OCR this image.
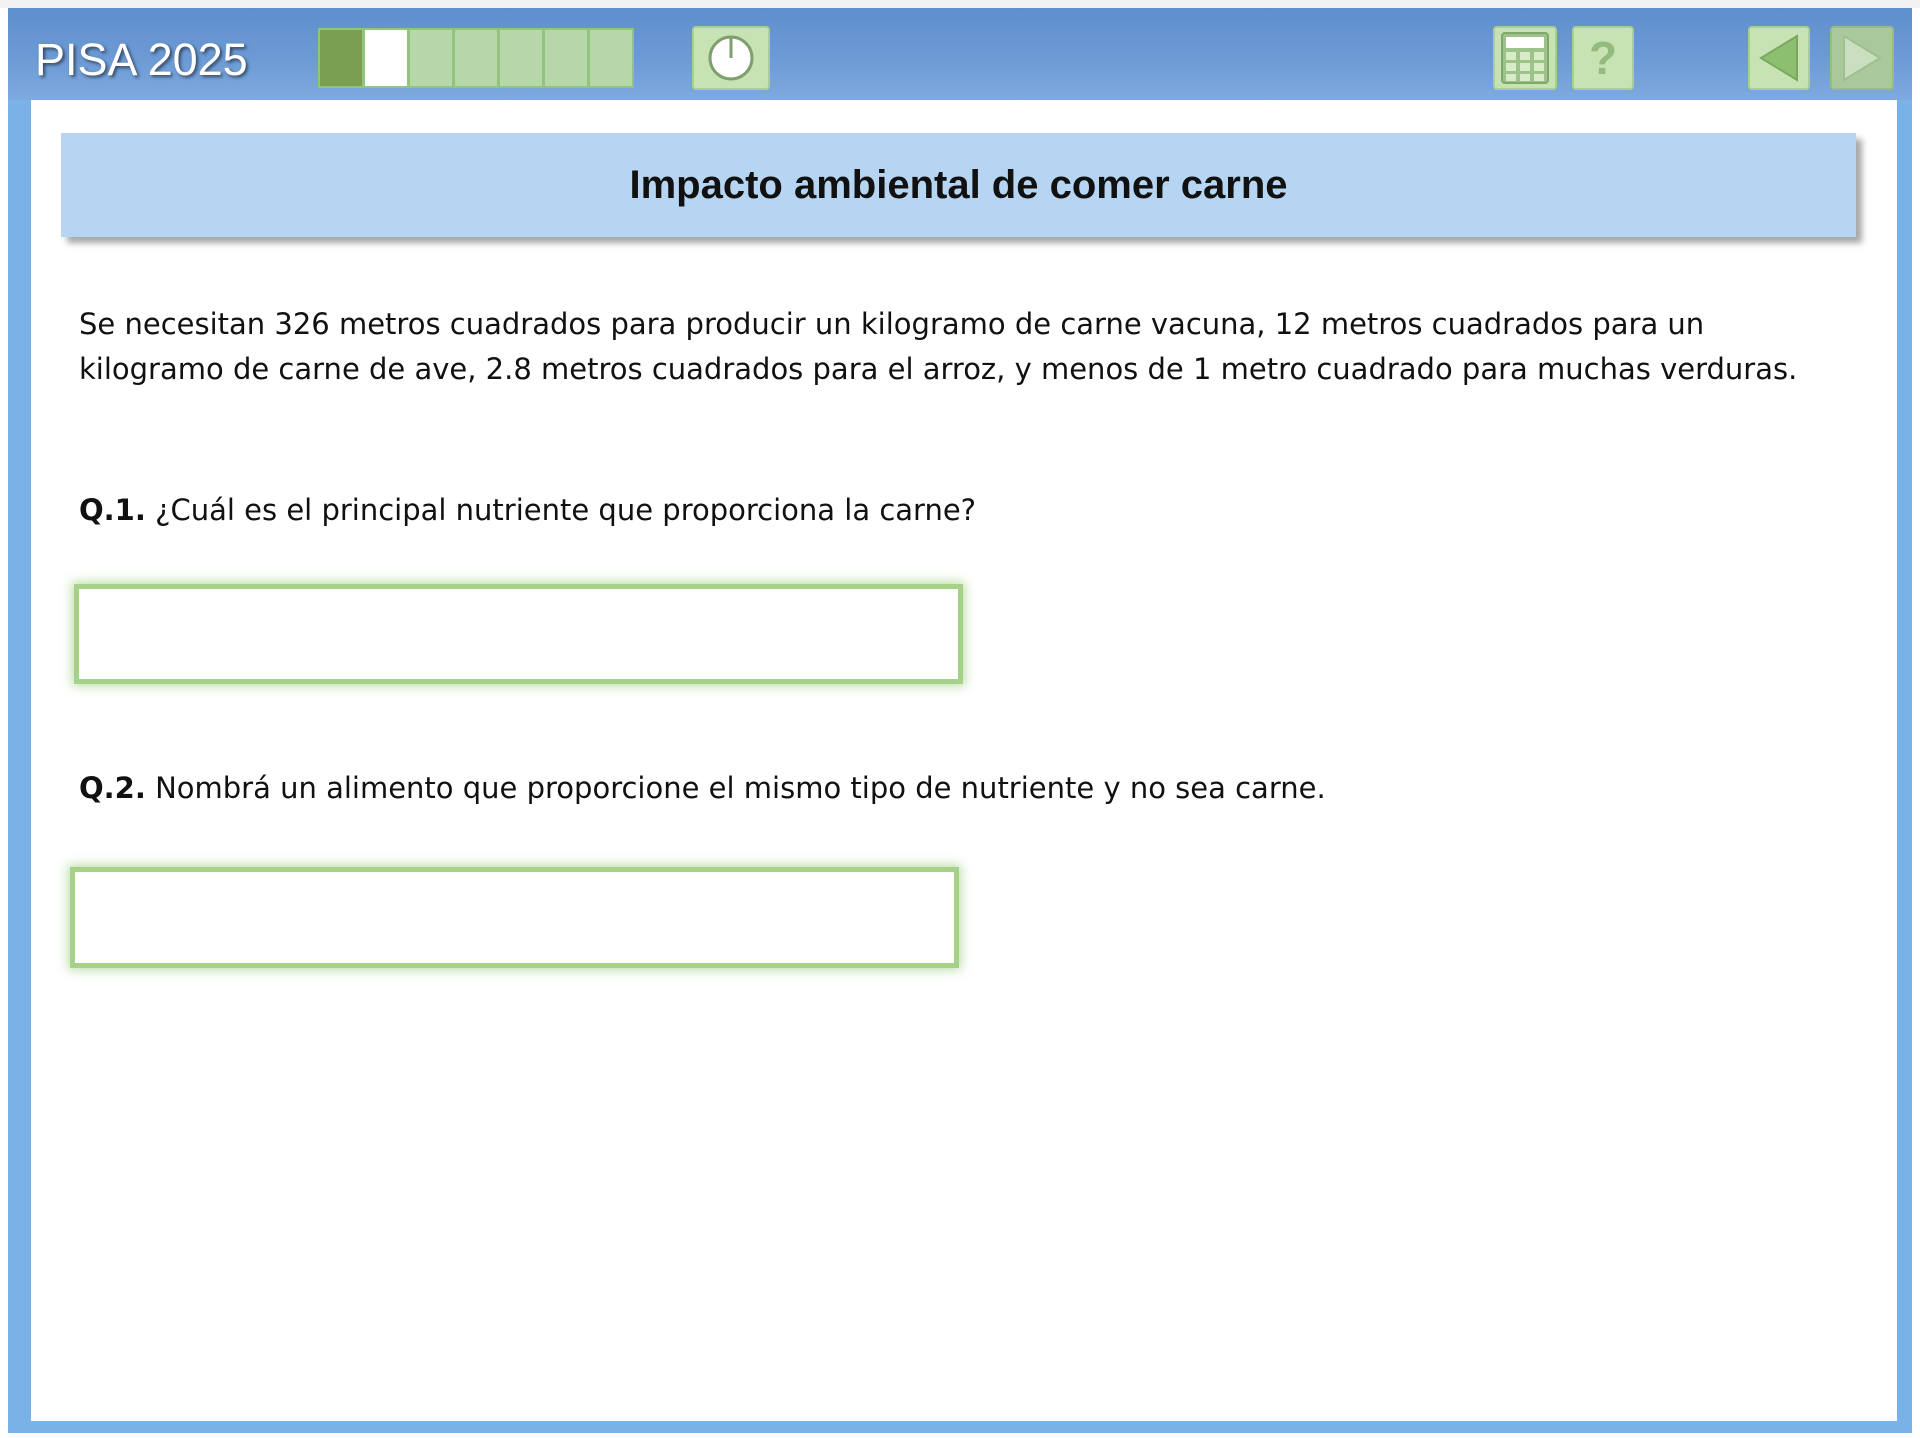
PISA 2025	?
Impacto ambiental de comer carne
Se necesitan 326 metros cuadrados para producir un kilogramo de carne vacuna, 12 metros cuadrados para un kilogramo de carne de ave, 2.8 metros cuadrados para el arroz, y menos de 1 metro cuadrado para muchas verduras.
Q.1. ¿Cuál es el principal nutriente que proporciona la carne?
Q.2. Nombrá un alimento que proporcione el mismo tipo de nutriente y no sea carne.
